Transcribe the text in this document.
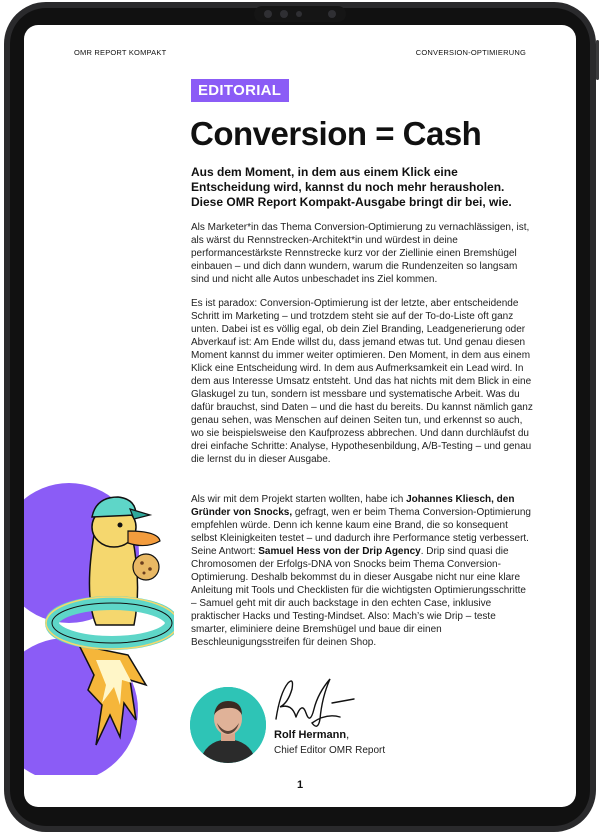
OMR REPORT KOMPAKT	CONVERSION-OPTIMIERUNG
EDITORIAL
Conversion = Cash
Aus dem Moment, in dem aus einem Klick eine Entscheidung wird, kannst du noch mehr herausholen. Diese OMR Report Kompakt-Ausgabe bringt dir bei, wie.
Als Marketer*in das Thema Conversion-Optimierung zu vernachlässigen, ist, als wärst du Rennstrecken-Architekt*in und würdest in deine performancestärkste Rennstrecke kurz vor der Ziellinie einen Bremshügel einbauen – und dich dann wundern, warum die Rundenzeiten so langsam sind und nicht alle Autos unbeschadet ins Ziel kommen.
Es ist paradox: Conversion-Optimierung ist der letzte, aber entscheidende Schritt im Marketing – und trotzdem steht sie auf der To-do-Liste oft ganz unten. Dabei ist es völlig egal, ob dein Ziel Branding, Leadgenerierung oder Abverkauf ist: Am Ende willst du, dass jemand etwas tut. Und genau diesen Moment kannst du immer weiter optimieren. Den Moment, in dem aus einem Klick eine Entscheidung wird. In dem aus Aufmerksamkeit ein Lead wird. In dem aus Interesse Umsatz entsteht. Und das hat nichts mit dem Blick in eine Glaskugel zu tun, sondern ist messbare und systematische Arbeit. Was du dafür brauchst, sind Daten – und die hast du bereits. Du kannst nämlich ganz genau sehen, was Menschen auf deinen Seiten tun, und erkennst so auch, wo sie beispielsweise den Kaufprozess abbrechen. Und dann durchläufst du drei einfache Schritte: Analyse, Hypothesenbildung, A/B-Testing – und genau die lernst du in dieser Ausgabe.
Als wir mit dem Projekt starten wollten, habe ich Johannes Kliesch, den Gründer von Snocks, gefragt, wen er beim Thema Conversion-Optimierung empfehlen würde. Denn ich kenne kaum eine Brand, die so konsequent selbst Kleinigkeiten testet – und dadurch ihre Performance stetig verbessert. Seine Antwort: Samuel Hess von der Drip Agency. Drip sind quasi die Chromosomen der Erfolgs-DNA von Snocks beim Thema Conversion-Optimierung. Deshalb bekommst du in dieser Ausgabe nicht nur eine klare Anleitung mit Tools und Checklisten für die wichtigsten Optimierungsschritte – Samuel geht mit dir auch backstage in den echten Case, inklusive praktischer Hacks und Testing-Mindset. Also: Mach’s wie Drip – teste smarter, eliminiere deine Bremshügel und baue dir einen Beschleunigungsstreifen für deinen Shop.
Rolf Hermann,
Chief Editor OMR Report
1
